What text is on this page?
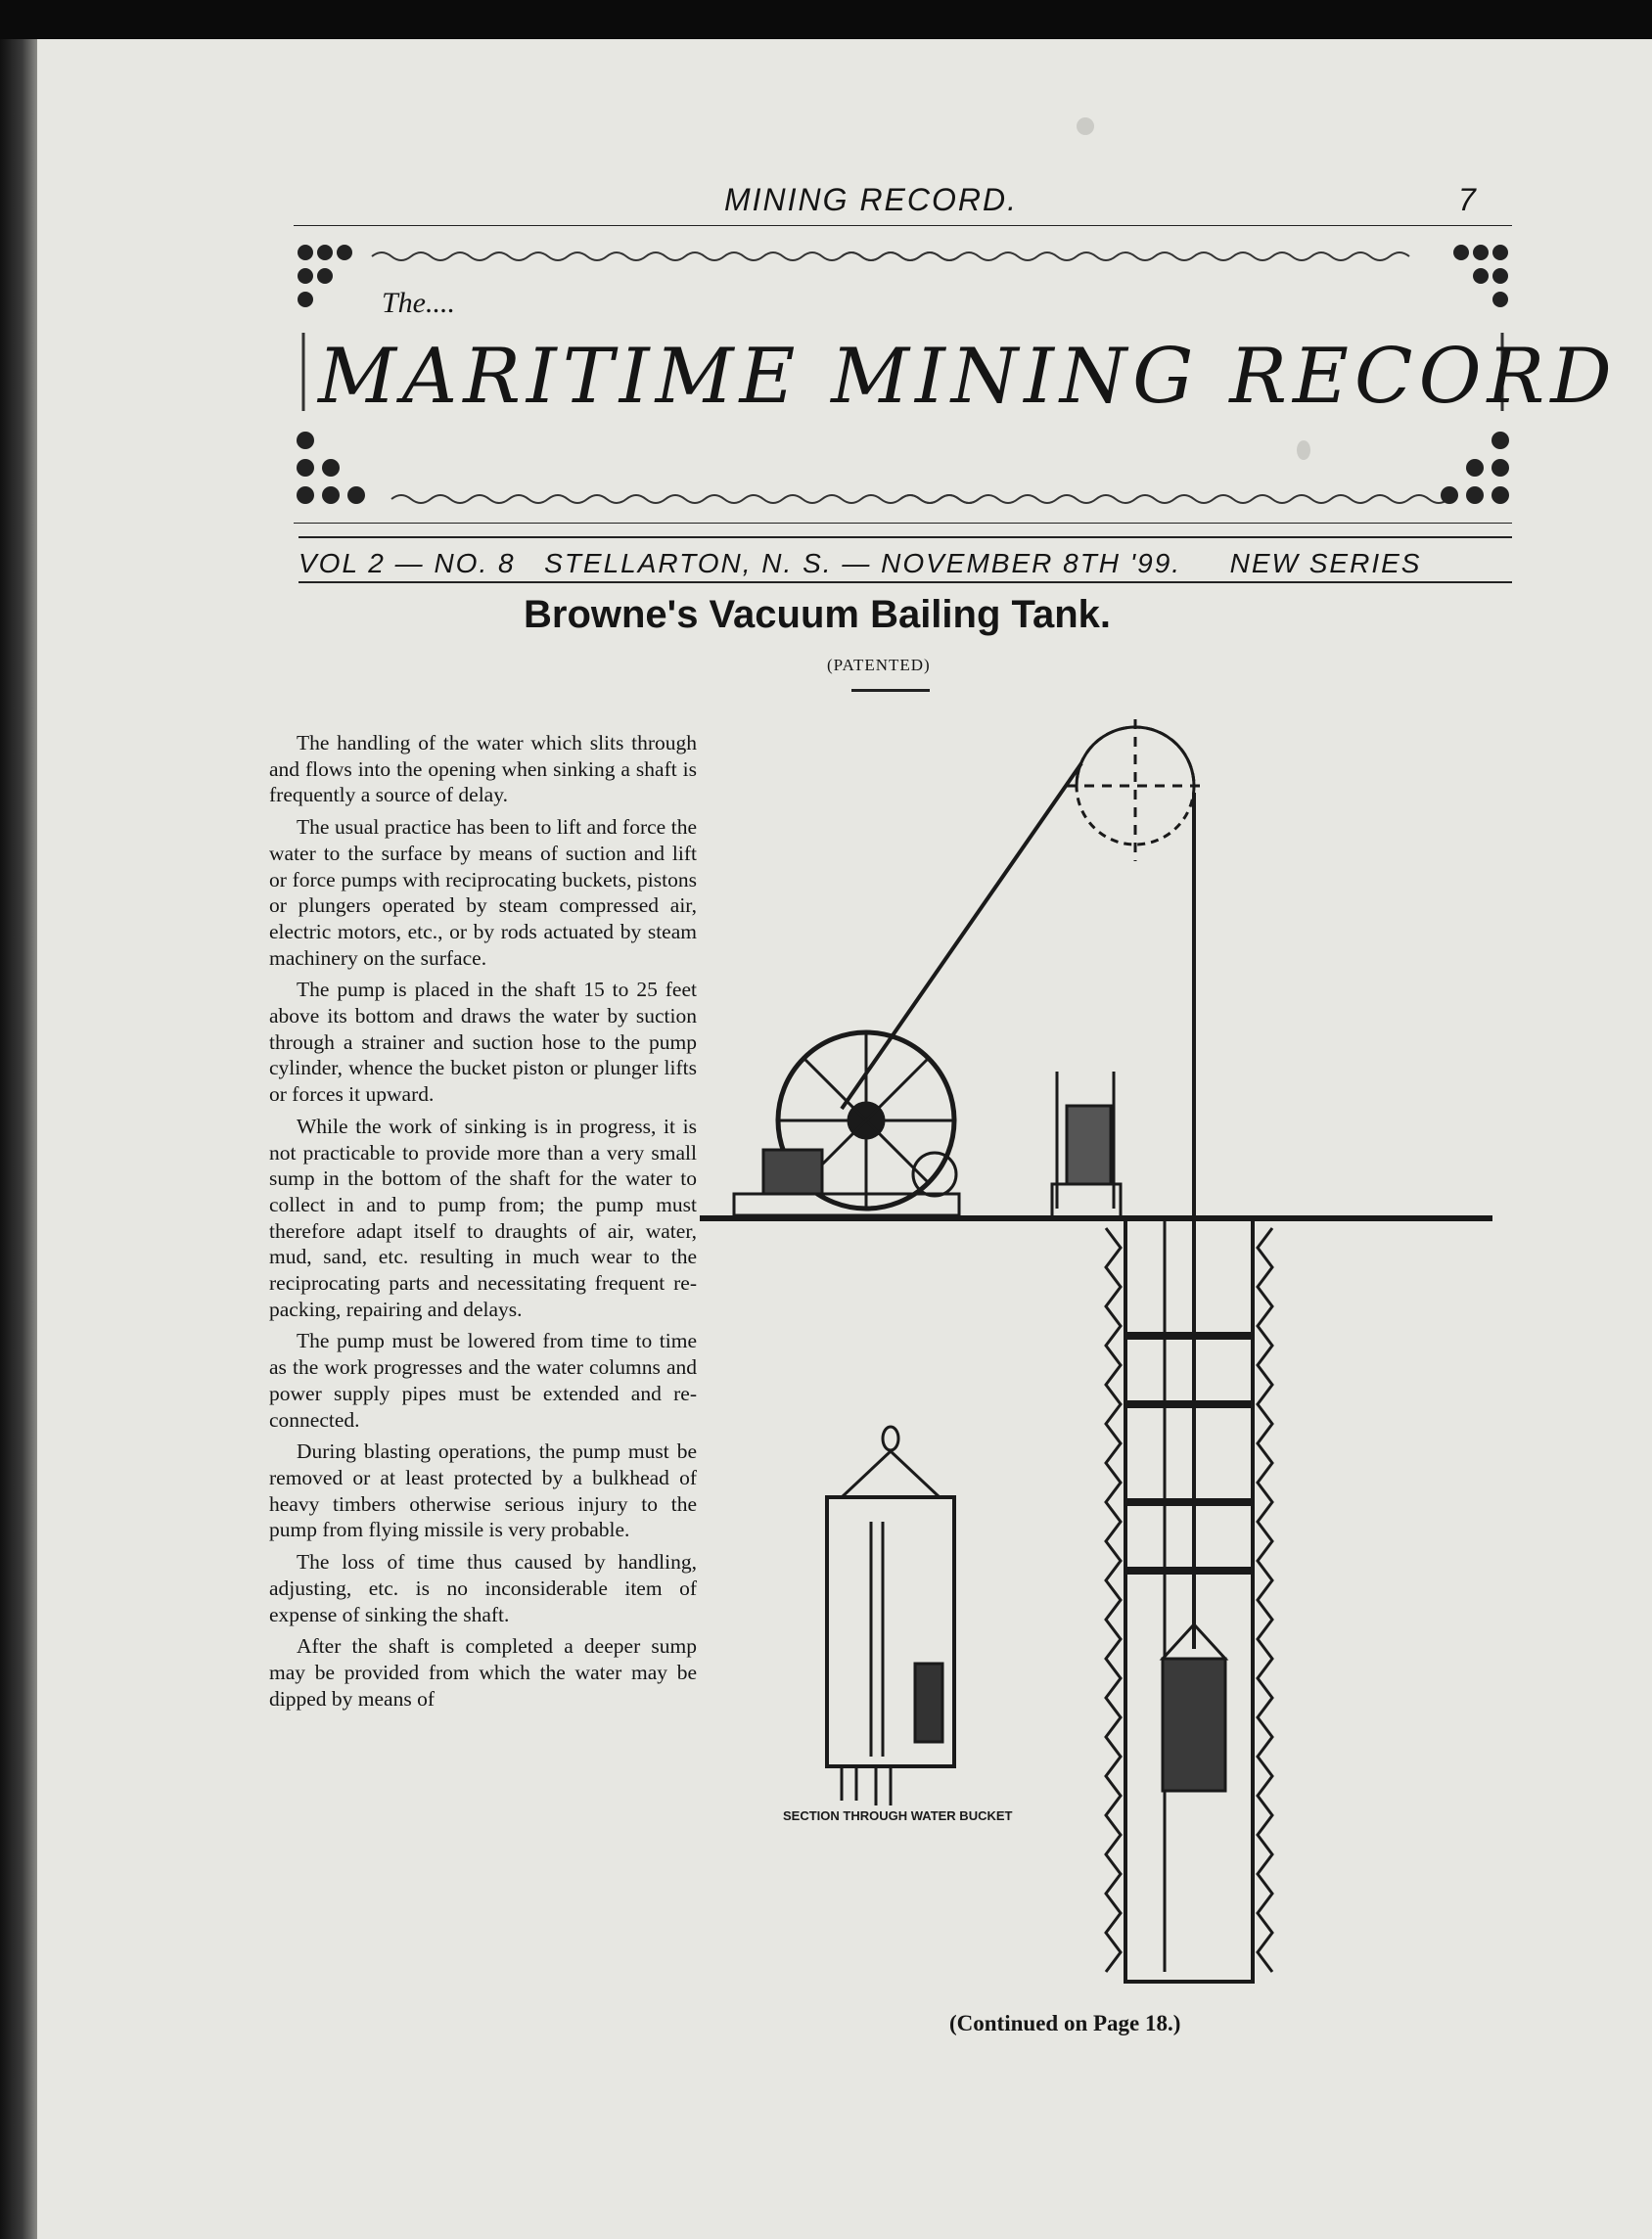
MINING RECORD.	7
The....
MARITIME MINING RECORD
VOL 2 — NO. 8 STELLARTON, N. S. — NOVEMBER 8TH '99. NEW SERIES
Browne's Vacuum Bailing Tank.
(PATENTED)

The handling of the water which slits through and flows into the opening when sinking a shaft is frequently a source of delay.

The usual practice has been to lift and force the water to the surface by means of suction and lift or force pumps with reciprocating buckets, pistons or plungers operated by steam compressed air, electric motors, etc., or by rods actuated by steam machinery on the surface.

The pump is placed in the shaft 15 to 25 feet above its bottom and draws the water by suction through a strainer and suction hose to the pump cylinder, whence the bucket piston or plunger lifts or forces it upward.

While the work of sinking is in progress, it is not practicable to provide more than a very small sump in the bottom of the shaft for the water to collect in and to pump from; the pump must therefore adapt itself to draughts of air, water, mud, sand, etc. resulting in much wear to the reciprocating parts and necessitating frequent re-packing, repairing and delays.

The pump must be lowered from time to time as the work progresses and the water columns and power supply pipes must be extended and re-connected.

During blasting operations, the pump must be removed or at least protected by a bulkhead of heavy timbers otherwise serious injury to the pump from flying missile is very probable.

The loss of time thus caused by handling, adjusting, etc. is no inconsiderable item of expense of sinking the shaft.

After the shaft is completed a deeper sump may be provided from which the water may be dipped by means of

SECTION THROUGH WATER BUCKET
(Continued on Page 18.)
